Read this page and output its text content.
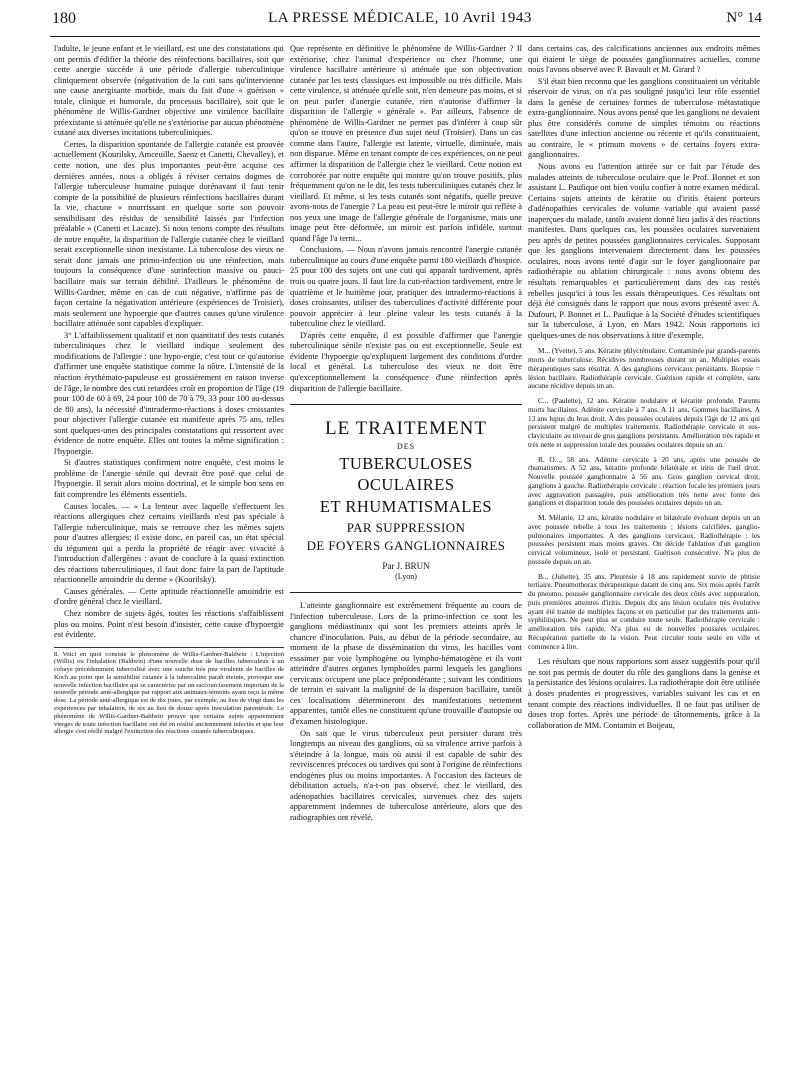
180	LA PRESSE MÉDICALE, 10 Avril 1943	N° 14

l'adulte, le jeune enfant et le vieillard, est une des constatations qui ont permis d'édifier la théorie des réinfections bacillaires, soit que cette anergie succède à une période d'allergie tuberculinique cliniquement observée (négativation de la cuti sans qu'intervienne une cause anergisante morbide, mais du fait d'une « guérison » totale, clinique et humorale, du processus bacillaire), soit que le phénomène de Willis-Gardner objective une virulence bacillaire préexistante si atténuée qu'elle ne s'extériorise par aucun phénomène cutané aux diverses incitations tuberculiniques.

Certes, la disparition spontanée de l'allergie cutanée est prouvée actuellement (Kourilsky, Amceuille, Saenz et Canetti, Chevalley), et cette notion, une des plus importantes peut-être acquise ces dernières années, nous a obligés à réviser certains dogmes de l'allergie tuberculeuse humaine puisque dorénavant il faut tenir compte de la possibilité de plusieurs réinfections bacillaires durant la vie, chacune « nourrissant en quelque sorte son pouvoir sensibilisant des résidus de sensibilité laissés par l'infection préalable » (Canetti et Lacaze). Si nous tenons compte des résultats de notre enquête, la disparition de l'allergie cutanée chez le vieillard serait exceptionnelle sinon inexistante. La tuberculose des vieux ne serait donc jamais une primo-infection ou une réinfection, mais toujours la conséquence d'une surinfection massive ou pauci-bacillaire mais sur terrain débilité. D'ailleurs le phénomène de Willis-Gardner, même en cas de cuti négative, n'affirme pas de façon certaine la négativation antérieure (expériences de Troisier), mais seulement une hypoergie que d'autres causes qu'une virulence bacillaire atténuée sont capables d'expliquer.

3° L'affaiblissement qualitatif et non quantitatif des tests cutanés tuberculiniques chez le vieillard indique seulement des modifications de l'allergie : une hypo-ergie, c'est tout ce qu'autorise d'affirmer une enquête statistique comme la nôtre. L'intensité de la réaction érythémato-papuleuse est grossièrement en raison inverse de l'âge, le nombre des cuti retardées croît en proportion de l'âge (19 pour 100 de 60 à 69, 24 pour 100 de 70 à 79, 33 pour 100 au-dessus de 80 ans), la nécessité d'intradermo-réactions à doses croissantes pour objectiver l'allergie cutanée est manifeste après 75 ans, telles sont quelques-unes des principales constatations qui ressortent avec évidence de notre enquête. Elles ont toutes la même signification : l'hypoergie.

Si d'autres statistiques confirment notre enquête, c'est moins le problème de l'anergie sénile qui devrait être posé que celui de l'hypoergie. Il serait alors moins doctrinal, et le simple bon sens en fait comprendre les éléments essentiels.

Causes locales. — « La lenteur avec laquelle s'effectuent les réactions allergiques chez certains vieillards n'est pas spéciale à l'allergie tuberculinique, mais se retrouve chez les mêmes sujets pour d'autres allergies; il existe donc, en pareil cas, un état spécial du tégument qui a perdu la propriété de réagir avec vivacité à l'introduction d'allergènes : avant de conclure à la quasi extinction des réactions tuberculiniques, il faut donc faire la part de l'aptitude réactionnelle amoindrie du derme » (Kourilsky).

Causes générales. — Cette aptitude réactionnelle amoindrie est d'ordre général chez le vieillard.

Chez nombre de sujets âgés, toutes les réactions s'affaiblissent plus ou moins. Point n'est besoin d'insister, cette cause d'hypoergie est évidente.

8. Voici en quoi consiste le phénomène de Willis-Gardner-Baldwin : L'injection (Willis) ou l'inhalation (Baldwin) d'une nouvelle dose de bacilles tuberculeux à un cobaye précédemment tuberculisé avec une souche très peu virulente de bacilles de Koch au point que la sensibilité cutanée à la tuberculine paraît éteinte, provoque une nouvelle infection bacillaire qui se caractérise par un raccourcissement important de la nouvelle période anté-allergique par rapport aux animaux-témoins ayant reçu la même dose. La période anté-allergique est de dix jours, par exemple, au lieu de vingt dans les expériences par inhalation, de six au lieu de douze après inoculation parentérale. Le phénomène de Willis-Gardner-Baldwin prouve que certains sujets apparemment vierges de toute infection bacillaire ont été en réalité anciennement infectés et que leur allergie s'est réellé malgré l'extinction des réactions cutanés tuberculiniques.

Que représente en définitive le phénomène de Willis-Gardner ? Il extériorise, chez l'animal d'expérience ou chez l'homme, une virulence bacillaire antérieure si atténuée que son objectivation cutanée par les tests classiques est impossible ou très difficile. Mais cette virulence, si atténuée qu'elle soit, n'en demeure pas moins, et si on peut parler d'anergie cutanée, rien n'autorise d'affirmer la disparition de l'allergie « générale ». Par ailleurs, l'absence de phénomène de Willis-Gardner ne permet pas d'inférer à coup sûr qu'on se trouve en présence d'un sujet neuf (Troisier). Dans un cas comme dans l'autre, l'allergie est latente, virtuelle, diminuée, mais non disparue. Même en tenant compte de ces expériences, on ne peut affirmer la disparition de l'allergie chez le vieillard. Cette notion est corroborée par notre enquête qui montre qu'on trouve positifs, plus fréquemment qu'on ne le dit, les tests tuberculiniques cutanés chez le vieillard. Et même, si les tests cutanés sont négatifs, quelle preuve avons-nous de l'anergie ? La peau est peut-être le miroir qui reflète à nos yeux une image de l'allergie générale de l'organisme, mais une image peut être déformée, un miroir est parfois infidèle, surtout quand l'âge l'a terni...

Conclusions. — Nous n'avons jamais rencontré l'anergie cutanée tuberculinique au cours d'une enquête parmi 180 vieillards d'hospice. 25 pour 100 des sujets ont une cuti qui apparaît tardivement, après trois ou quatre jours. Il faut lire la cuti-réaction tardivement, entre le quatrième et le huitième jour, pratiquer des intradermo-réactions à doses croissantes, utiliser des tuberculines d'activité différente pour pouvoir apprécier à leur pleine valeur les tests cutanés à la tuberculine chez le vieillard.

D'après cette enquête, il est possible d'affirmer que l'anergie tuberculinique sénile n'existe pas ou est exceptionnelle. Seule est évidente l'hypoergie qu'expliquent largement des conditions d'ordre local et général. La tuberculose des vieux ne doit être qu'exceptionnellement la conséquence d'une réinfection après disparition de l'allergie bacillaire.

LE TRAITEMENT
DES
TUBERCULOSES OCULAIRES
ET RHUMATISMALES
PAR SUPPRESSION
DE FOYERS GANGLIONNAIRES
Par J. BRUN
(Lyon)

L'atteinte ganglionnaire est extrêmement fréquente au cours de l'infection tuberculeuse. Lors de la primo-infection ce sont les ganglions médiastinaux qui sont les premiers atteints après le chancre d'inoculation. Puis, au début de la période secondaire, au moment de la phase de dissémination du virus, les bacilles vont essaimer par voie lymphogène ou lympho-hématogène et ils vont atteindre d'autres organes lymphoïdes parmi lesquels les ganglions cervicaux occupent une place prépondérante ; suivant les conditions de terrain et suivant la malignité de la dispersion bacillaire, tantôt ces localisations détermineront des manifestations nettement apparentes, tantôt elles ne constituent qu'une trouvaille d'autopsie ou d'examen histologique.

On sait que le virus tuberculeux peut persister durant très longtemps au niveau des ganglions, où sa virulence arrive parfois à s'éteindre à la longue, mais où aussi il est capable de subir des reviviscences précoces ou tardives qui sont à l'origine de réinfections endogènes plus ou moins importantes. A l'occasion des facteurs de débilitation actuels, n'a-t-on pas observé, chez le vieillard, des adénopathies bacillaires cervicales, survenues chez des sujets apparemment indemnes de tuberculose antérieure, alors que des radiographies ont révélé,

dans certains cas, des calcifications anciennes aux endroits mêmes qui étaient le siège de poussées ganglionnaires actuelles, comme nous l'avons observé avec P. Bavault et M. Girard ?

S'il était bien reconnu que les ganglions constituaient un véritable réservoir de virus, on n'a pas souligné jusqu'ici leur rôle essentiel dans la genèse de certaines formes de tuberculose métastatique extra-ganglionnaire. Nous avons pensé que les ganglions ne devaient plus être considérés comme de simples témoins ou réactions satellites d'une infection ancienne ou récente et qu'ils constituaient, au contraire, le « primum movens » de certains foyers extra-ganglionnaires.

Nous avons eu l'attention attirée sur ce fait par l'étude des malades atteints de tuberculose oculaire que le Prof. Bonnet et son assistant L. Paufique ont bien voulu confier à notre examen médical. Certains sujets atteints de kératite ou d'iritis étaient porteurs d'adénopathies cervicales de volume variable qui avaient passé inaperçues du malade, tantôt avaient donné lieu jadis à des réactions manifestes. Dans quelques cas, les poussées oculaires survenaient peu après de petites poussées ganglionnaires cervicales. Supposant que les ganglions intervenaient directement dans les poussées oculaires, nous avons tenté d'agir sur le foyer ganglionnaire par radiothérapie ou ablation chirurgicale : nous avons obtenu des résultats remarquables et particulièrement dans des cas restés rebelles jusqu'ici à tous les essais thérapeutiques. Ces résultats ont déjà été consignés dans le rapport que nous avons présenté avec A. Dufourt, P. Bonnet et L. Paufique à la Société d'études scientifiques sur la tuberculose, à Lyon, en Mars 1942. Nous rapportons ici quelques-unes de nos observations à titre d'exemple.

M... (Yvette), 5 ans. Kératite phlycténulaire. Contaminée par grands-parents morts de tuberculose. Récidives nombreuses durant un an. Multiples essais thérapeutiques sans résultat. A des ganglions cervicaux persistants. Biopsie = lésion bacillaire. Radiothérapie cervicale. Guérison rapide et complète, sans aucune récidive depuis un an.

C... (Paulette), 12 ans. Kératite nodulaire et kératite profonde. Parents morts bacillaires. Adénite cervicale à 7 ans. A 11 ans, Gommes bacillaires. A 13 ans lupus du bras droit. A des poussées oculaires depuis l'âge de 12 ans qui persistent malgré de multiples traitements. Radiothérapie cervicale et sus-claviculaire au niveau de gros ganglions persistants. Amélioration très rapide et très nette et suppression totale des poussées oculaires depuis un an.

R. O..., 58 ans. Adénite cervicale à 20 ans, après une poussée de rhumatismes. A 52 ans, kératite profonde bilatérale et iritis de l'œil droit. Nouvelle poussée ganglionnaire à 56 ans. Gros ganglion cervical droit, ganglions à gauche. Radiothérapie cervicale : réaction focale les premiers jours avec aggravation passagère, puis amélioration très nette avec fonte des ganglions et disparition totale des poussées oculaires depuis un an.

M. Mélanie, 12 ans, kératite nodulaire et bilatérale évoluant depuis un an avec poussée rebelle à tous les traitements ; lésions calcifiées, ganglio-pulmonaires importantes. A des ganglions cervicaux. Radiothérapie : les poussées persistent mais moins graves. On décide l'ablation d'un ganglion cervical volumineux, isolé et persistant. Guérison consécutive. N'a plus de poussée depuis un an.

B... (Juliette), 35 ans. Pleurésie à 18 ans rapidement suivie de phtisie tertiaire. Pneumothorax thérapeutique datant de cinq ans. Six mois après l'arrêt du pneumo, poussée ganglionnaire cervicale des deux côtés avec suppuration, puis premières atteintes d'iritis. Depuis dix ans lésion oculaire très évolutive ayant été traitée de multiples façons et en particulier par des traitements anti-syphilitiques. Ne peut plus se conduire toute seule. Radiothérapie cervicale : amélioration très rapide. N'a plus eu de nouvelles poussées oculaires. Récupération partielle de la vision. Peut circuler toute seule en ville et commence à lire.

Les résultats que nous rapportons sont assez suggestifs pour qu'il ne soit pas permis de douter du rôle des ganglions dans la genèse et la persistance des lésions oculaires. La radiothérapie doit être utilisée à doses prudentes et progressives, variables suivant les cas et en tenant compte des réactions individuelles. Il ne faut pas utiliser de doses trop fortes. Après une période de tâtonnements, grâce à la collaboration de MM. Contamin et Boijeau,
